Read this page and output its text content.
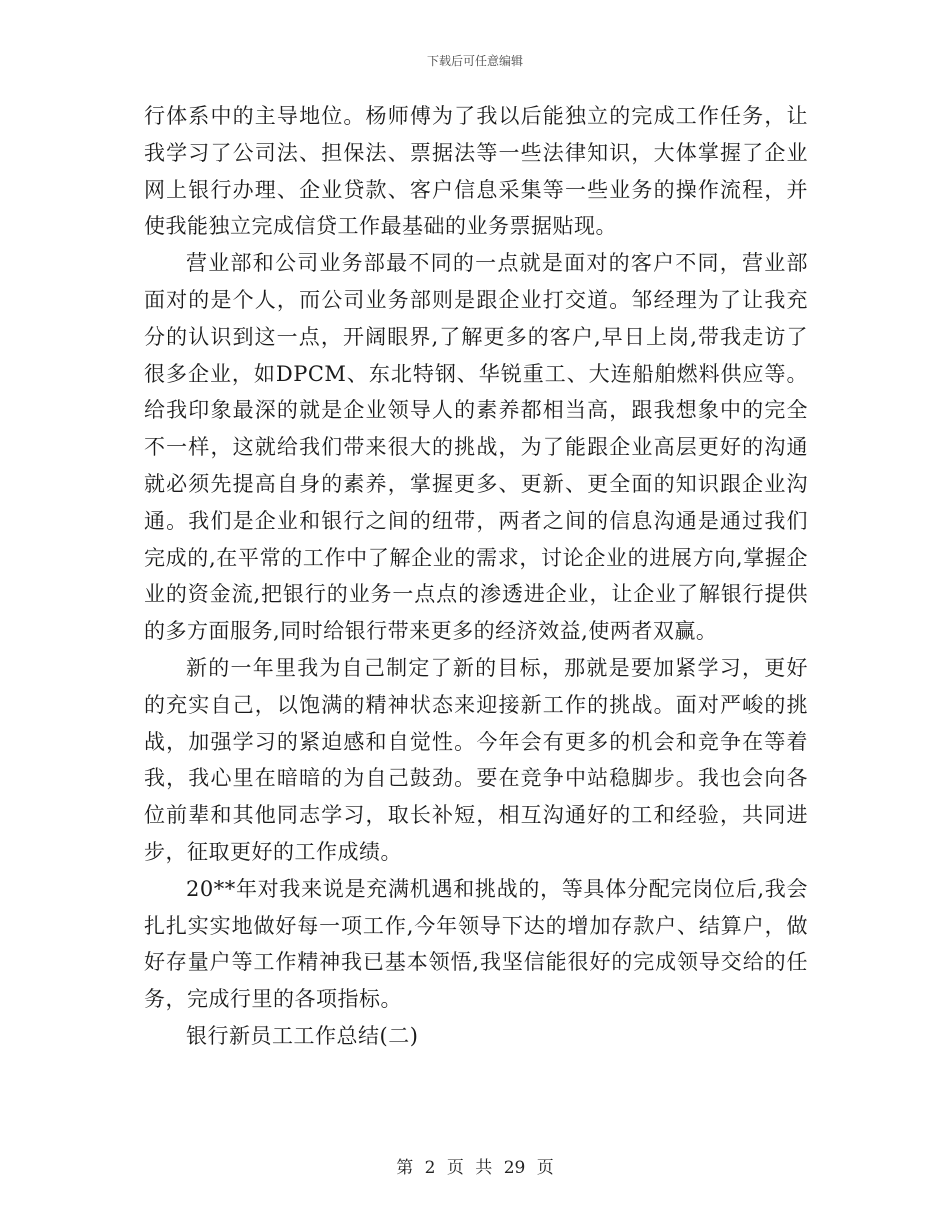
下载后可任意编辑

行体系中的主导地位。杨师傅为了我以后能独立的完成工作任务，让我学习了公司法、担保法、票据法等一些法律知识，大体掌握了企业网上银行办理、企业贷款、客户信息采集等一些业务的操作流程，并使我能独立完成信贷工作最基础的业务票据贴现。

营业部和公司业务部最不同的一点就是面对的客户不同，营业部面对的是个人，而公司业务部则是跟企业打交道。邹经理为了让我充分的认识到这一点，开阔眼界,了解更多的客户,早日上岗,带我走访了很多企业，如DPCM、东北特钢、华锐重工、大连船舶燃料供应等。给我印象最深的就是企业领导人的素养都相当高，跟我想象中的完全不一样，这就给我们带来很大的挑战，为了能跟企业高层更好的沟通就必须先提高自身的素养，掌握更多、更新、更全面的知识跟企业沟通。我们是企业和银行之间的纽带，两者之间的信息沟通是通过我们完成的,在平常的工作中了解企业的需求，讨论企业的进展方向,掌握企业的资金流,把银行的业务一点点的渗透进企业，让企业了解银行提供的多方面服务,同时给银行带来更多的经济效益,使两者双赢。

新的一年里我为自己制定了新的目标，那就是要加紧学习，更好的充实自己，以饱满的精神状态来迎接新工作的挑战。面对严峻的挑战，加强学习的紧迫感和自觉性。今年会有更多的机会和竞争在等着我，我心里在暗暗的为自己鼓劲。要在竞争中站稳脚步。我也会向各位前辈和其他同志学习，取长补短，相互沟通好的工和经验，共同进步，征取更好的工作成绩。

20**年对我来说是充满机遇和挑战的，等具体分配完岗位后,我会扎扎实实地做好每一项工作,今年领导下达的增加存款户、结算户，做好存量户等工作精神我已基本领悟,我坚信能很好的完成领导交给的任务，完成行里的各项指标。

银行新员工工作总结(二)

第 2 页 共 29 页
